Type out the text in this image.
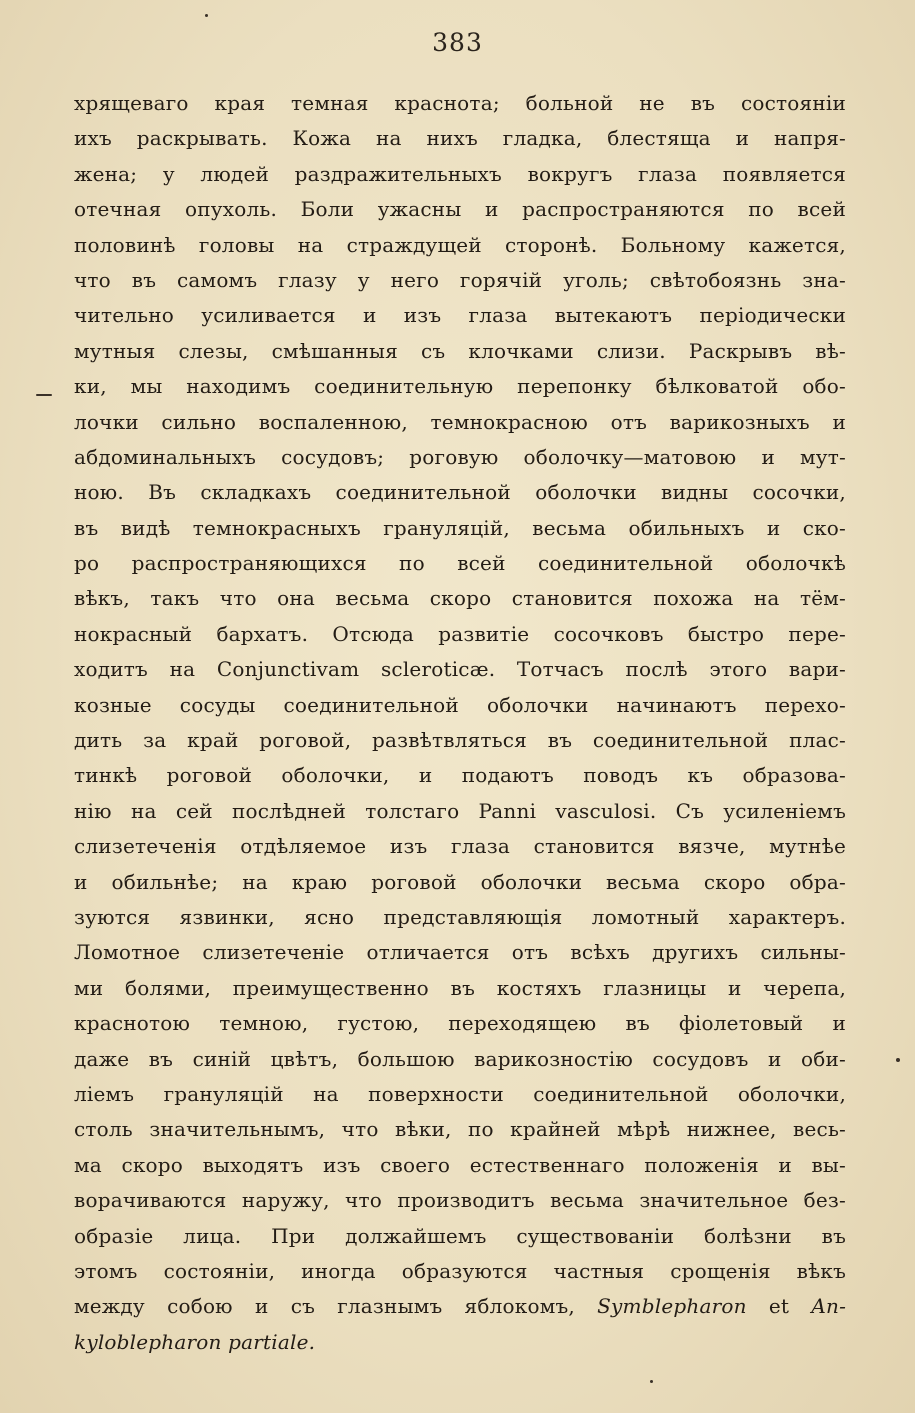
383
хрящеваго края темная краснота; больной не въ состоянiи
ихъ раскрывать. Кожа на нихъ гладка, блестяща и напря-
жена; у людей раздражительныхъ вокругъ глаза появляется
отечная опухоль. Боли ужасны и распространяются по всей
половинѣ головы на страждущей сторонѣ. Больному кажется,
что въ самомъ глазу у него горячiй уголь; свѣтобоязнь зна-
чительно усиливается и изъ глаза вытекаютъ перiодически
мутныя слезы, смѣшанныя съ клочками слизи. Раскрывъ вѣ-
ки, мы находимъ соединительную перепонку бѣлковатой обо-
лочки сильно воспаленною, темнокрасною отъ варикозныхъ и
абдоминальныхъ сосудовъ; роговую оболочку—матовою и мут-
ною. Въ складкахъ соединительной оболочки видны сосочки,
въ видѣ темнокрасныхъ грануляцiй, весьма обильныхъ и ско-
ро распространяющихся по всей соединительной оболочкѣ
вѣкъ, такъ что она весьма скоро становится похожа на тём-
нокрасный бархатъ. Отсюда развитiе сосочковъ быстро пере-
ходитъ на Conjunctivam scleroticæ. Тотчасъ послѣ этого вари-
козные сосуды соединительной оболочки начинаютъ перехо-
дить за край роговой, развѣтвляться въ соединительной плас-
тинкѣ роговой оболочки, и подаютъ поводъ къ образова-
нiю на сей послѣдней толстаго Panni vasculosi. Съ усиленiемъ
слизетеченiя отдѣляемое изъ глаза становится вязче, мутнѣе
и обильнѣе; на краю роговой оболочки весьма скоро обра-
зуются язвинки, ясно представляющiя ломотный характеръ.
Ломотное слизетеченiе отличается отъ всѣхъ другихъ сильны-
ми болями, преимущественно въ костяхъ глазницы и черепа,
краснотою темною, густою, переходящею въ фiолетовый и
даже въ синiй цвѣтъ, большою варикозностiю сосудовъ и оби-
лiемъ грануляцiй на поверхности соединительной оболочки,
столь значительнымъ, что вѣки, по крайней мѣрѣ нижнее, весь-
ма скоро выходятъ изъ своего естественнаго положенiя и вы-
ворачиваются наружу, что производитъ весьма значительное без-
образiе лица. При должайшемъ существованiи болѣзни въ
этомъ состоянiи, иногда образуются частныя срощенiя вѣкъ
между собою и съ глазнымъ яблокомъ, Symblepharon et An-
kyloblepharon partiale.
